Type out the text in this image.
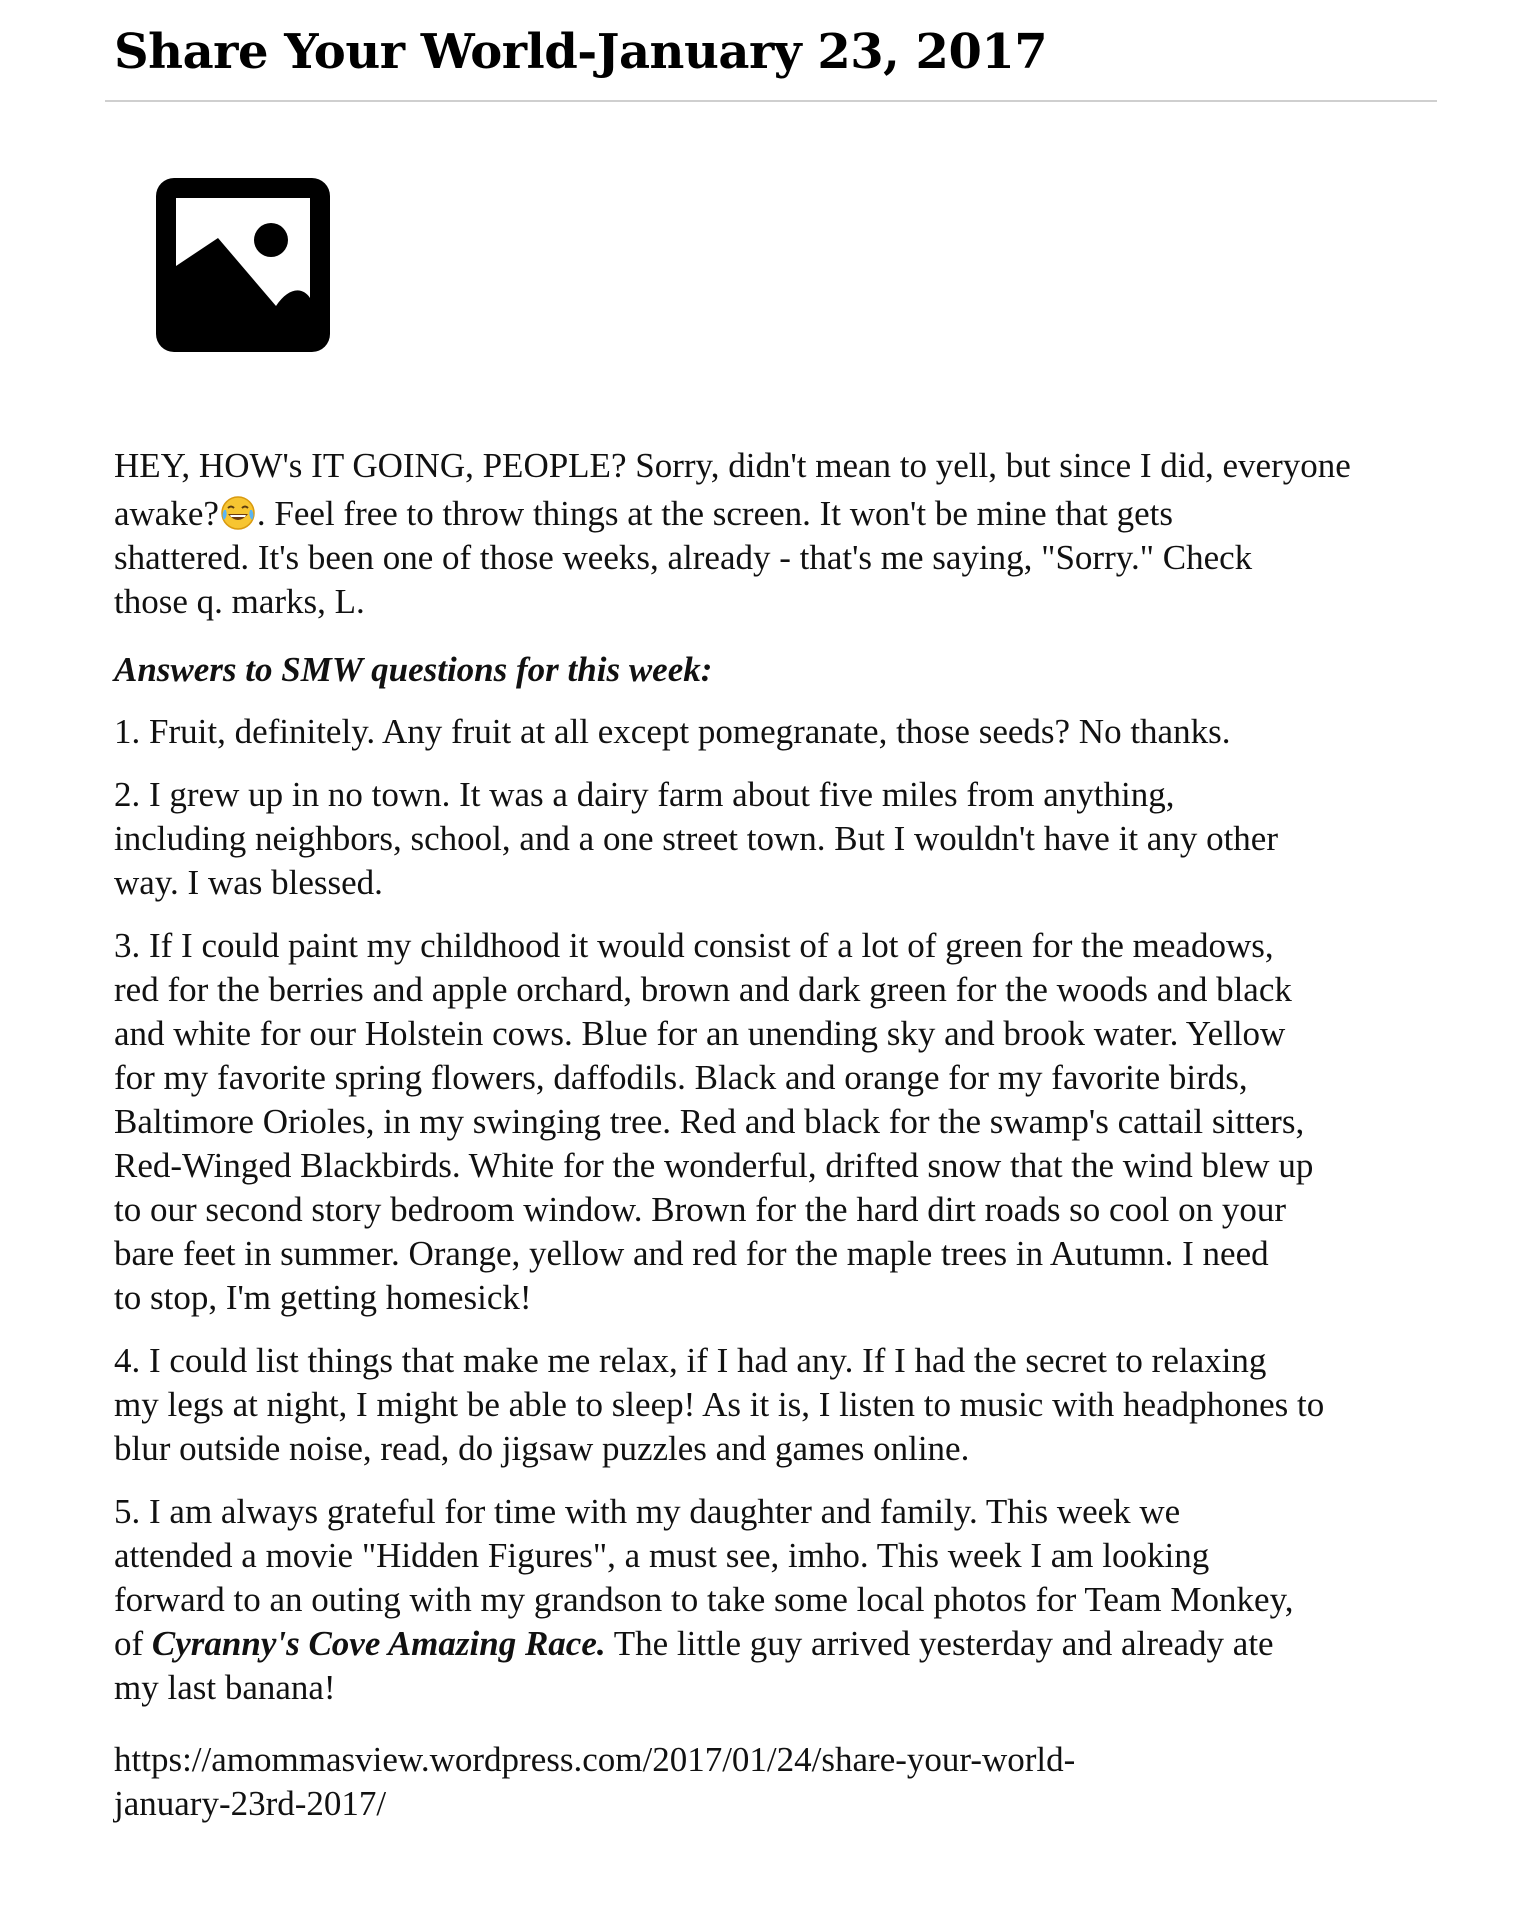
Share Your World-January 23, 2017

HEY, HOW's IT GOING, PEOPLE? Sorry, didn't mean to yell, but since I did, everyone
awake? . Feel free to throw things at the screen. It won't be mine that gets
shattered. It's been one of those weeks, already - that's me saying, "Sorry." Check
those q. marks, L.

Answers to SMW questions for this week:

1. Fruit, definitely. Any fruit at all except pomegranate, those seeds? No thanks.

2. I grew up in no town. It was a dairy farm about five miles from anything,
including neighbors, school, and a one street town. But I wouldn't have it any other
way. I was blessed.

3. If I could paint my childhood it would consist of a lot of green for the meadows,
red for the berries and apple orchard, brown and dark green for the woods and black
and white for our Holstein cows. Blue for an unending sky and brook water. Yellow
for my favorite spring flowers, daffodils. Black and orange for my favorite birds,
Baltimore Orioles, in my swinging tree. Red and black for the swamp's cattail sitters,
Red-Winged Blackbirds. White for the wonderful, drifted snow that the wind blew up
to our second story bedroom window. Brown for the hard dirt roads so cool on your
bare feet in summer. Orange, yellow and red for the maple trees in Autumn. I need
to stop, I'm getting homesick!

4. I could list things that make me relax, if I had any. If I had the secret to relaxing
my legs at night, I might be able to sleep! As it is, I listen to music with headphones to
blur outside noise, read, do jigsaw puzzles and games online.

5. I am always grateful for time with my daughter and family. This week we
attended a movie "Hidden Figures", a must see, imho. This week I am looking
forward to an outing with my grandson to take some local photos for Team Monkey,
of Cyranny's Cove Amazing Race. The little guy arrived yesterday and already ate
my last banana!

https://amommasview.wordpress.com/2017/01/24/share-your-world-
january-23rd-2017/
